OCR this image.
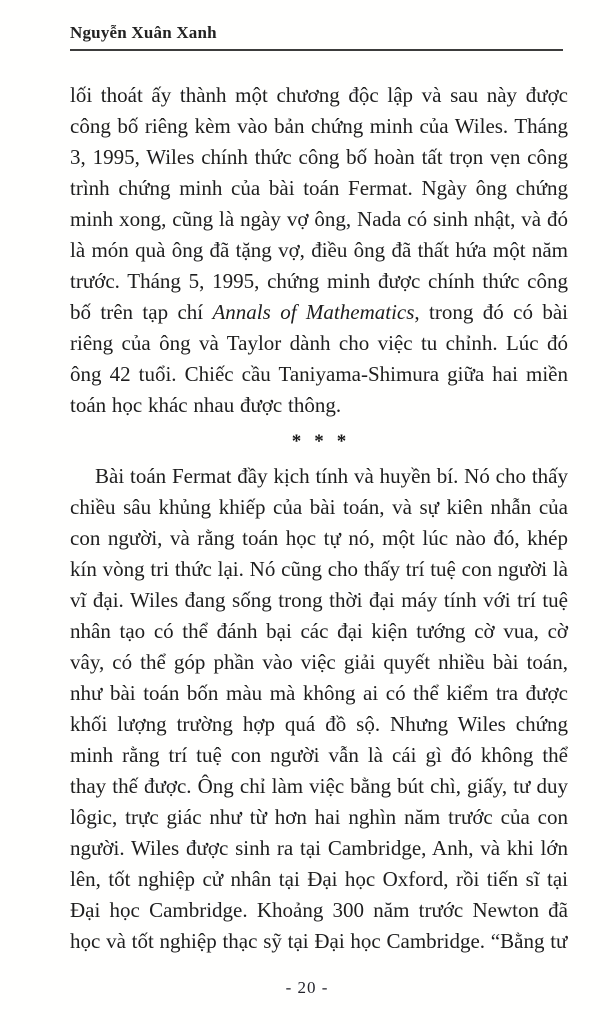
Nguyễn Xuân Xanh

lối thoát ấy thành một chương độc lập và sau này được công bố riêng kèm vào bản chứng minh của Wiles. Tháng 3, 1995, Wiles chính thức công bố hoàn tất trọn vẹn công trình chứng minh của bài toán Fermat. Ngày ông chứng minh xong, cũng là ngày vợ ông, Nada có sinh nhật, và đó là món quà ông đã tặng vợ, điều ông đã thất hứa một năm trước. Tháng 5, 1995, chứng minh được chính thức công bố trên tạp chí Annals of Mathematics, trong đó có bài riêng của ông và Taylor dành cho việc tu chỉnh. Lúc đó ông 42 tuổi. Chiếc cầu Taniyama-Shimura giữa hai miền toán học khác nhau được thông.

***

Bài toán Fermat đầy kịch tính và huyền bí. Nó cho thấy chiều sâu khủng khiếp của bài toán, và sự kiên nhẫn của con người, và rằng toán học tự nó, một lúc nào đó, khép kín vòng tri thức lại. Nó cũng cho thấy trí tuệ con người là vĩ đại. Wiles đang sống trong thời đại máy tính với trí tuệ nhân tạo có thể đánh bại các đại kiện tướng cờ vua, cờ vây, có thể góp phần vào việc giải quyết nhiều bài toán, như bài toán bốn màu mà không ai có thể kiểm tra được khối lượng trường hợp quá đồ sộ. Nhưng Wiles chứng minh rằng trí tuệ con người vẫn là cái gì đó không thể thay thế được. Ông chỉ làm việc bằng bút chì, giấy, tư duy lôgic, trực giác như từ hơn hai nghìn năm trước của con người. Wiles được sinh ra tại Cambridge, Anh, và khi lớn lên, tốt nghiệp cử nhân tại Đại học Oxford, rồi tiến sĩ tại Đại học Cambridge. Khoảng 300 năm trước Newton đã học và tốt nghiệp thạc sỹ tại Đại học Cambridge. “Bằng tư

- 20 -
